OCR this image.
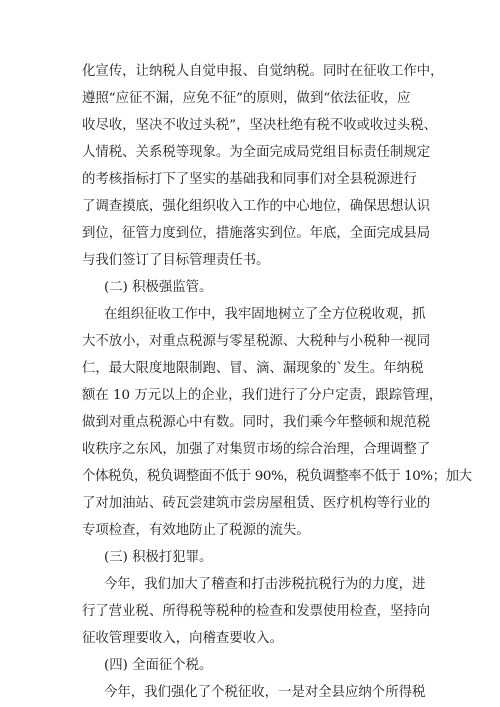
化宣传，让纳税人自觉申报、自觉纳税。同时在征收工作中，
遵照“应征不漏，应免不征”的原则，做到“依法征收，应
收尽收，坚决不收过头税”，坚决杜绝有税不收或收过头税、
人情税、关系税等现象。为全面完成局党组目标责任制规定
的考核指标打下了坚实的基础我和同事们对全县税源进行
了调查摸底，强化组织收入工作的中心地位，确保思想认识
到位，征管力度到位，措施落实到位。年底，全面完成县局
与我们签订了目标管理责任书。
(二) 积极强监管。
在组织征收工作中，我牢固地树立了全方位税收观，抓
大不放小，对重点税源与零星税源、大税种与小税种一视同
仁，最大限度地限制跑、冒、滴、漏现象的`发生。年纳税
额在 10 万元以上的企业，我们进行了分户定责，跟踪管理，
做到对重点税源心中有数。同时，我们乘今年整顿和规范税
收秩序之东风，加强了对集贸市场的综合治理，合理调整了
个体税负，税负调整面不低于 90%，税负调整率不低于 10%；加大
了对加油站、砖瓦尝建筑市尝房屋租赁、医疗机构等行业的
专项检查，有效地防止了税源的流失。
(三) 积极打犯罪。
今年，我们加大了稽查和打击涉税抗税行为的力度，进
行了营业税、所得税等税种的检查和发票使用检查，坚持向
征收管理要收入，向稽查要收入。
(四) 全面征个税。
今年，我们强化了个税征收，一是对全县应纳个所得税
